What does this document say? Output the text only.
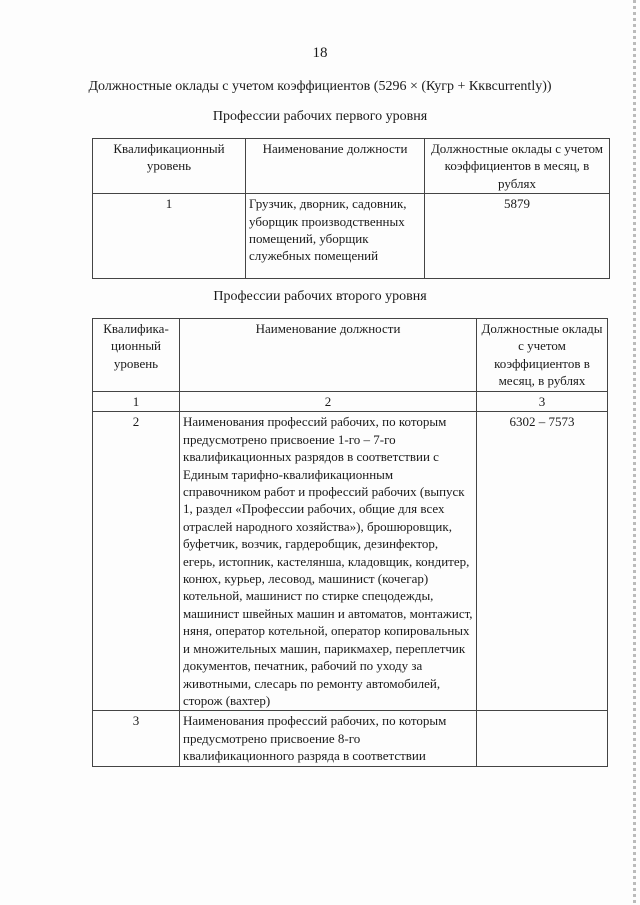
18
Должностные оклады с учетом коэффициентов (5296 × (Кугр + Кквcurrently))
Профессии рабочих первого уровня
Квалификационный уровень	Наименование должности	Должностные оклады с учетом коэффициентов в месяц, в рублях
1	Грузчик, дворник, садовник, уборщик производственных помещений, уборщик служебных помещений	5879
Профессии рабочих второго уровня
Квалифика-ционный уровень	Наименование должности	Должностные оклады с учетом коэффициентов в месяц, в рублях
1	2	3
2	Наименования профессий рабочих, по которым предусмотрено присвоение 1-го – 7-го квалификационных разрядов в соответствии с Единым тарифно-квалификационным справочником работ и профессий рабочих (выпуск 1, раздел «Профессии рабочих, общие для всех отраслей народного хозяйства»), брошюровщик, буфетчик, возчик, гардеробщик, дезинфектор, егерь, истопник, кастелянша, кладовщик, кондитер, конюх, курьер, лесовод, машинист (кочегар) котельной, машинист по стирке спецодежды, машинист швейных машин и автоматов, монтажист, няня, оператор котельной, оператор копировальных и множительных машин, парикмахер, переплетчик документов, печатник, рабочий по уходу за животными, слесарь по ремонту автомобилей, сторож (вахтер)	6302 – 7573
3	Наименования профессий рабочих, по которым предусмотрено присвоение 8-го квалификационного разряда в соответствии	
